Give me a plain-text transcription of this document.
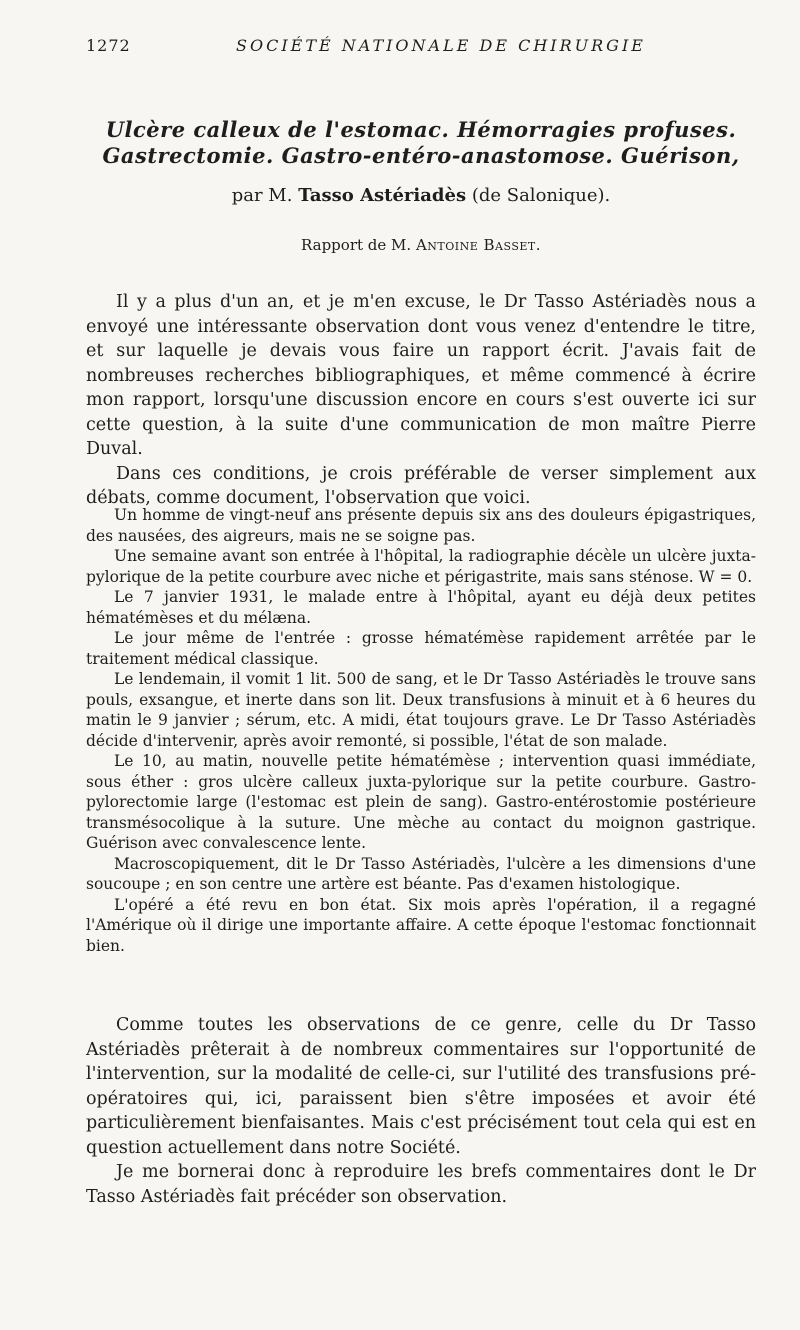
1272	SOCIÉTÉ NATIONALE DE CHIRURGIE
Ulcère calleux de l'estomac. Hémorragies profuses.
Gastrectomie. Gastro-entéro-anastomose. Guérison,
par M. Tasso Astériadès (de Salonique).
Rapport de M. Antoine Basset.

Il y a plus d'un an, et je m'en excuse, le Dr Tasso Astériadès nous a envoyé une intéressante observation dont vous venez d'entendre le titre, et sur laquelle je devais vous faire un rapport écrit. J'avais fait de nombreuses recherches bibliographiques, et même commencé à écrire mon rapport, lorsqu'une discussion encore en cours s'est ouverte ici sur cette question, à la suite d'une communication de mon maître Pierre Duval.

Dans ces conditions, je crois préférable de verser simplement aux débats, comme document, l'observation que voici.

Un homme de vingt-neuf ans présente depuis six ans des douleurs épigastriques, des nausées, des aigreurs, mais ne se soigne pas.

Une semaine avant son entrée à l'hôpital, la radiographie décèle un ulcère juxta-pylorique de la petite courbure avec niche et périgastrite, mais sans sténose. W = 0.

Le 7 janvier 1931, le malade entre à l'hôpital, ayant eu déjà deux petites hématémèses et du mélæna.

Le jour même de l'entrée : grosse hématémèse rapidement arrêtée par le traitement médical classique.

Le lendemain, il vomit 1 lit. 500 de sang, et le Dr Tasso Astériadès le trouve sans pouls, exsangue, et inerte dans son lit. Deux transfusions à minuit et à 6 heures du matin le 9 janvier ; sérum, etc. A midi, état toujours grave. Le Dr Tasso Astériadès décide d'intervenir, après avoir remonté, si possible, l'état de son malade.

Le 10, au matin, nouvelle petite hématémèse ; intervention quasi immédiate, sous éther : gros ulcère calleux juxta-pylorique sur la petite courbure. Gastro-pylorectomie large (l'estomac est plein de sang). Gastro-entérostomie postérieure transmésocolique à la suture. Une mèche au contact du moignon gastrique. Guérison avec convalescence lente.

Macroscopiquement, dit le Dr Tasso Astériadès, l'ulcère a les dimensions d'une soucoupe ; en son centre une artère est béante. Pas d'examen histologique.

L'opéré a été revu en bon état. Six mois après l'opération, il a regagné l'Amérique où il dirige une importante affaire. A cette époque l'estomac fonctionnait bien.

Comme toutes les observations de ce genre, celle du Dr Tasso Astériadès prêterait à de nombreux commentaires sur l'opportunité de l'intervention, sur la modalité de celle-ci, sur l'utilité des transfusions pré-opératoires qui, ici, paraissent bien s'être imposées et avoir été particulièrement bienfaisantes. Mais c'est précisément tout cela qui est en question actuellement dans notre Société.

Je me bornerai donc à reproduire les brefs commentaires dont le Dr Tasso Astériadès fait précéder son observation.
